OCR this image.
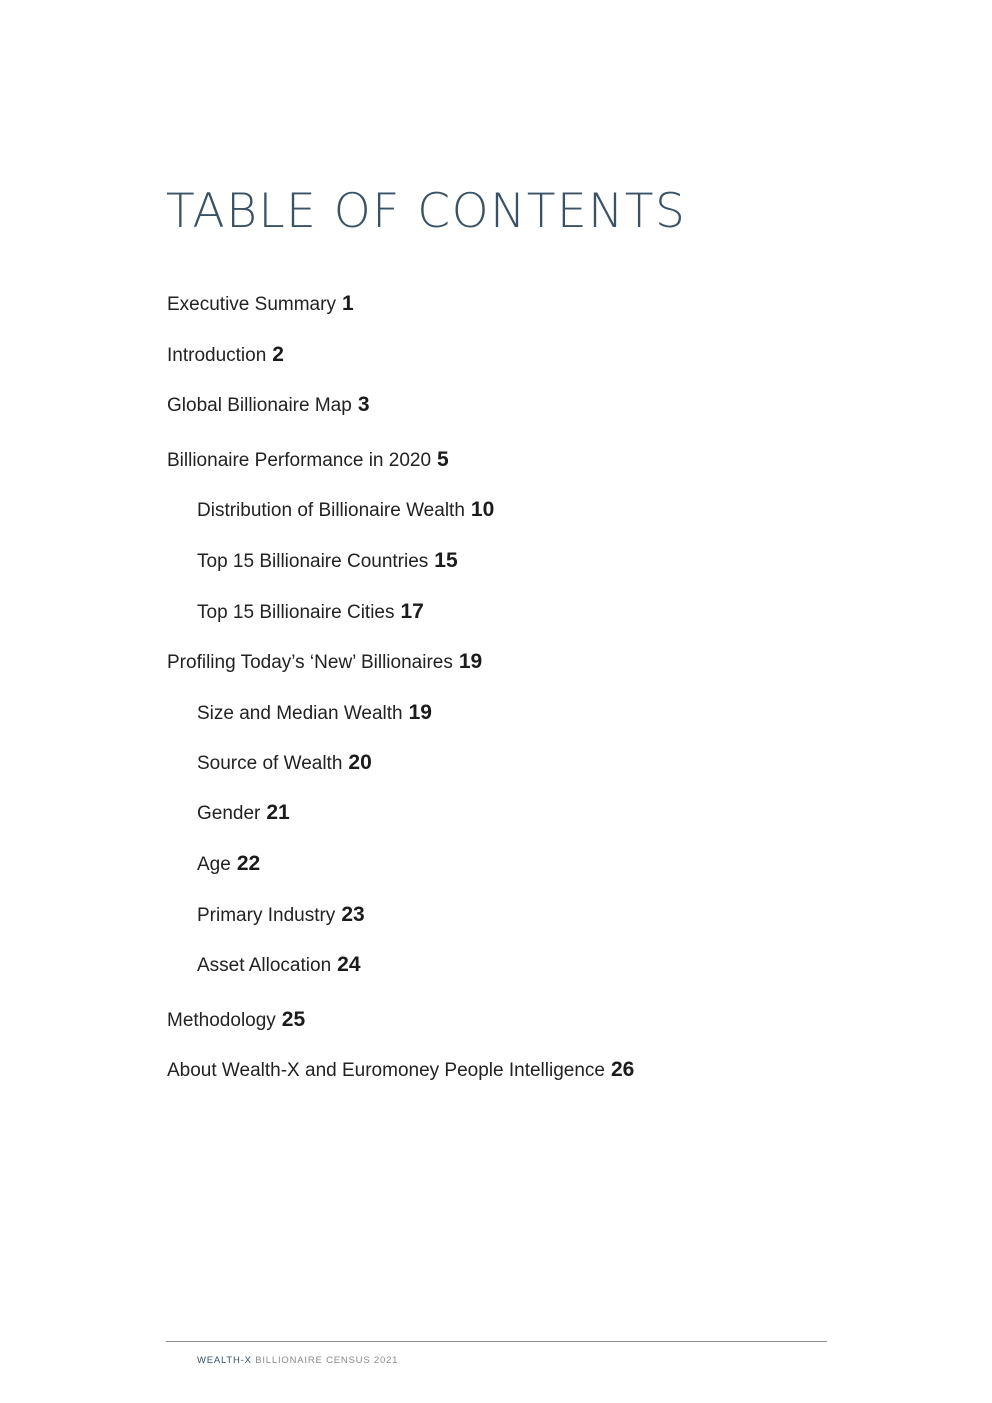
TABLE OF CONTENTS
Executive Summary 1
Introduction 2
Global Billionaire Map 3
Billionaire Performance in 2020 5
Distribution of Billionaire Wealth 10
Top 15 Billionaire Countries 15
Top 15 Billionaire Cities 17
Profiling Today’s ‘New’ Billionaires 19
Size and Median Wealth 19
Source of Wealth 20
Gender 21
Age 22
Primary Industry 23
Asset Allocation 24
Methodology 25
About Wealth-X and Euromoney People Intelligence 26
WEALTH-X BILLIONAIRE CENSUS 2021
